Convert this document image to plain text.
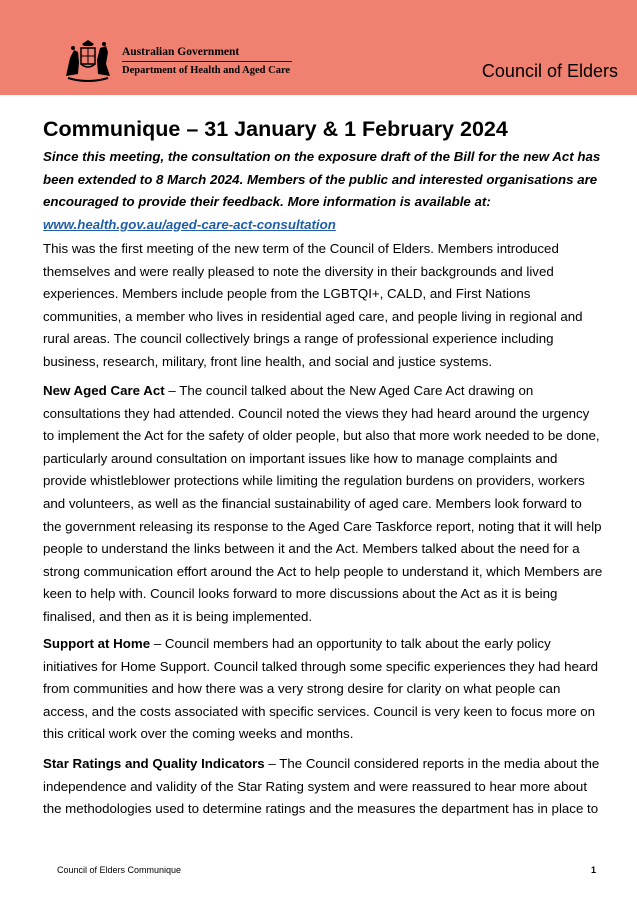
Australian Government
Department of Health and Aged Care	Council of Elders
Communique – 31 January & 1 February 2024

Since this meeting, the consultation on the exposure draft of the Bill for the new Act has been extended to 8 March 2024. Members of the public and interested organisations are encouraged to provide their feedback. More information is available at:
www.health.gov.au/aged-care-act-consultation

This was the first meeting of the new term of the Council of Elders. Members introduced themselves and were really pleased to note the diversity in their backgrounds and lived experiences. Members include people from the LGBTQI+, CALD, and First Nations communities, a member who lives in residential aged care, and people living in regional and rural areas. The council collectively brings a range of professional experience including business, research, military, front line health, and social and justice systems.

New Aged Care Act – The council talked about the New Aged Care Act drawing on consultations they had attended. Council noted the views they had heard around the urgency to implement the Act for the safety of older people, but also that more work needed to be done, particularly around consultation on important issues like how to manage complaints and provide whistleblower protections while limiting the regulation burdens on providers, workers and volunteers, as well as the financial sustainability of aged care. Members look forward to the government releasing its response to the Aged Care Taskforce report, noting that it will help people to understand the links between it and the Act. Members talked about the need for a strong communication effort around the Act to help people to understand it, which Members are keen to help with. Council looks forward to more discussions about the Act as it is being finalised, and then as it is being implemented.

Support at Home – Council members had an opportunity to talk about the early policy initiatives for Home Support. Council talked through some specific experiences they had heard from communities and how there was a very strong desire for clarity on what people can access, and the costs associated with specific services. Council is very keen to focus more on this critical work over the coming weeks and months.

Star Ratings and Quality Indicators – The Council considered reports in the media about the independence and validity of the Star Rating system and were reassured to hear more about the methodologies used to determine ratings and the measures the department has in place to

Council of Elders Communique	1
